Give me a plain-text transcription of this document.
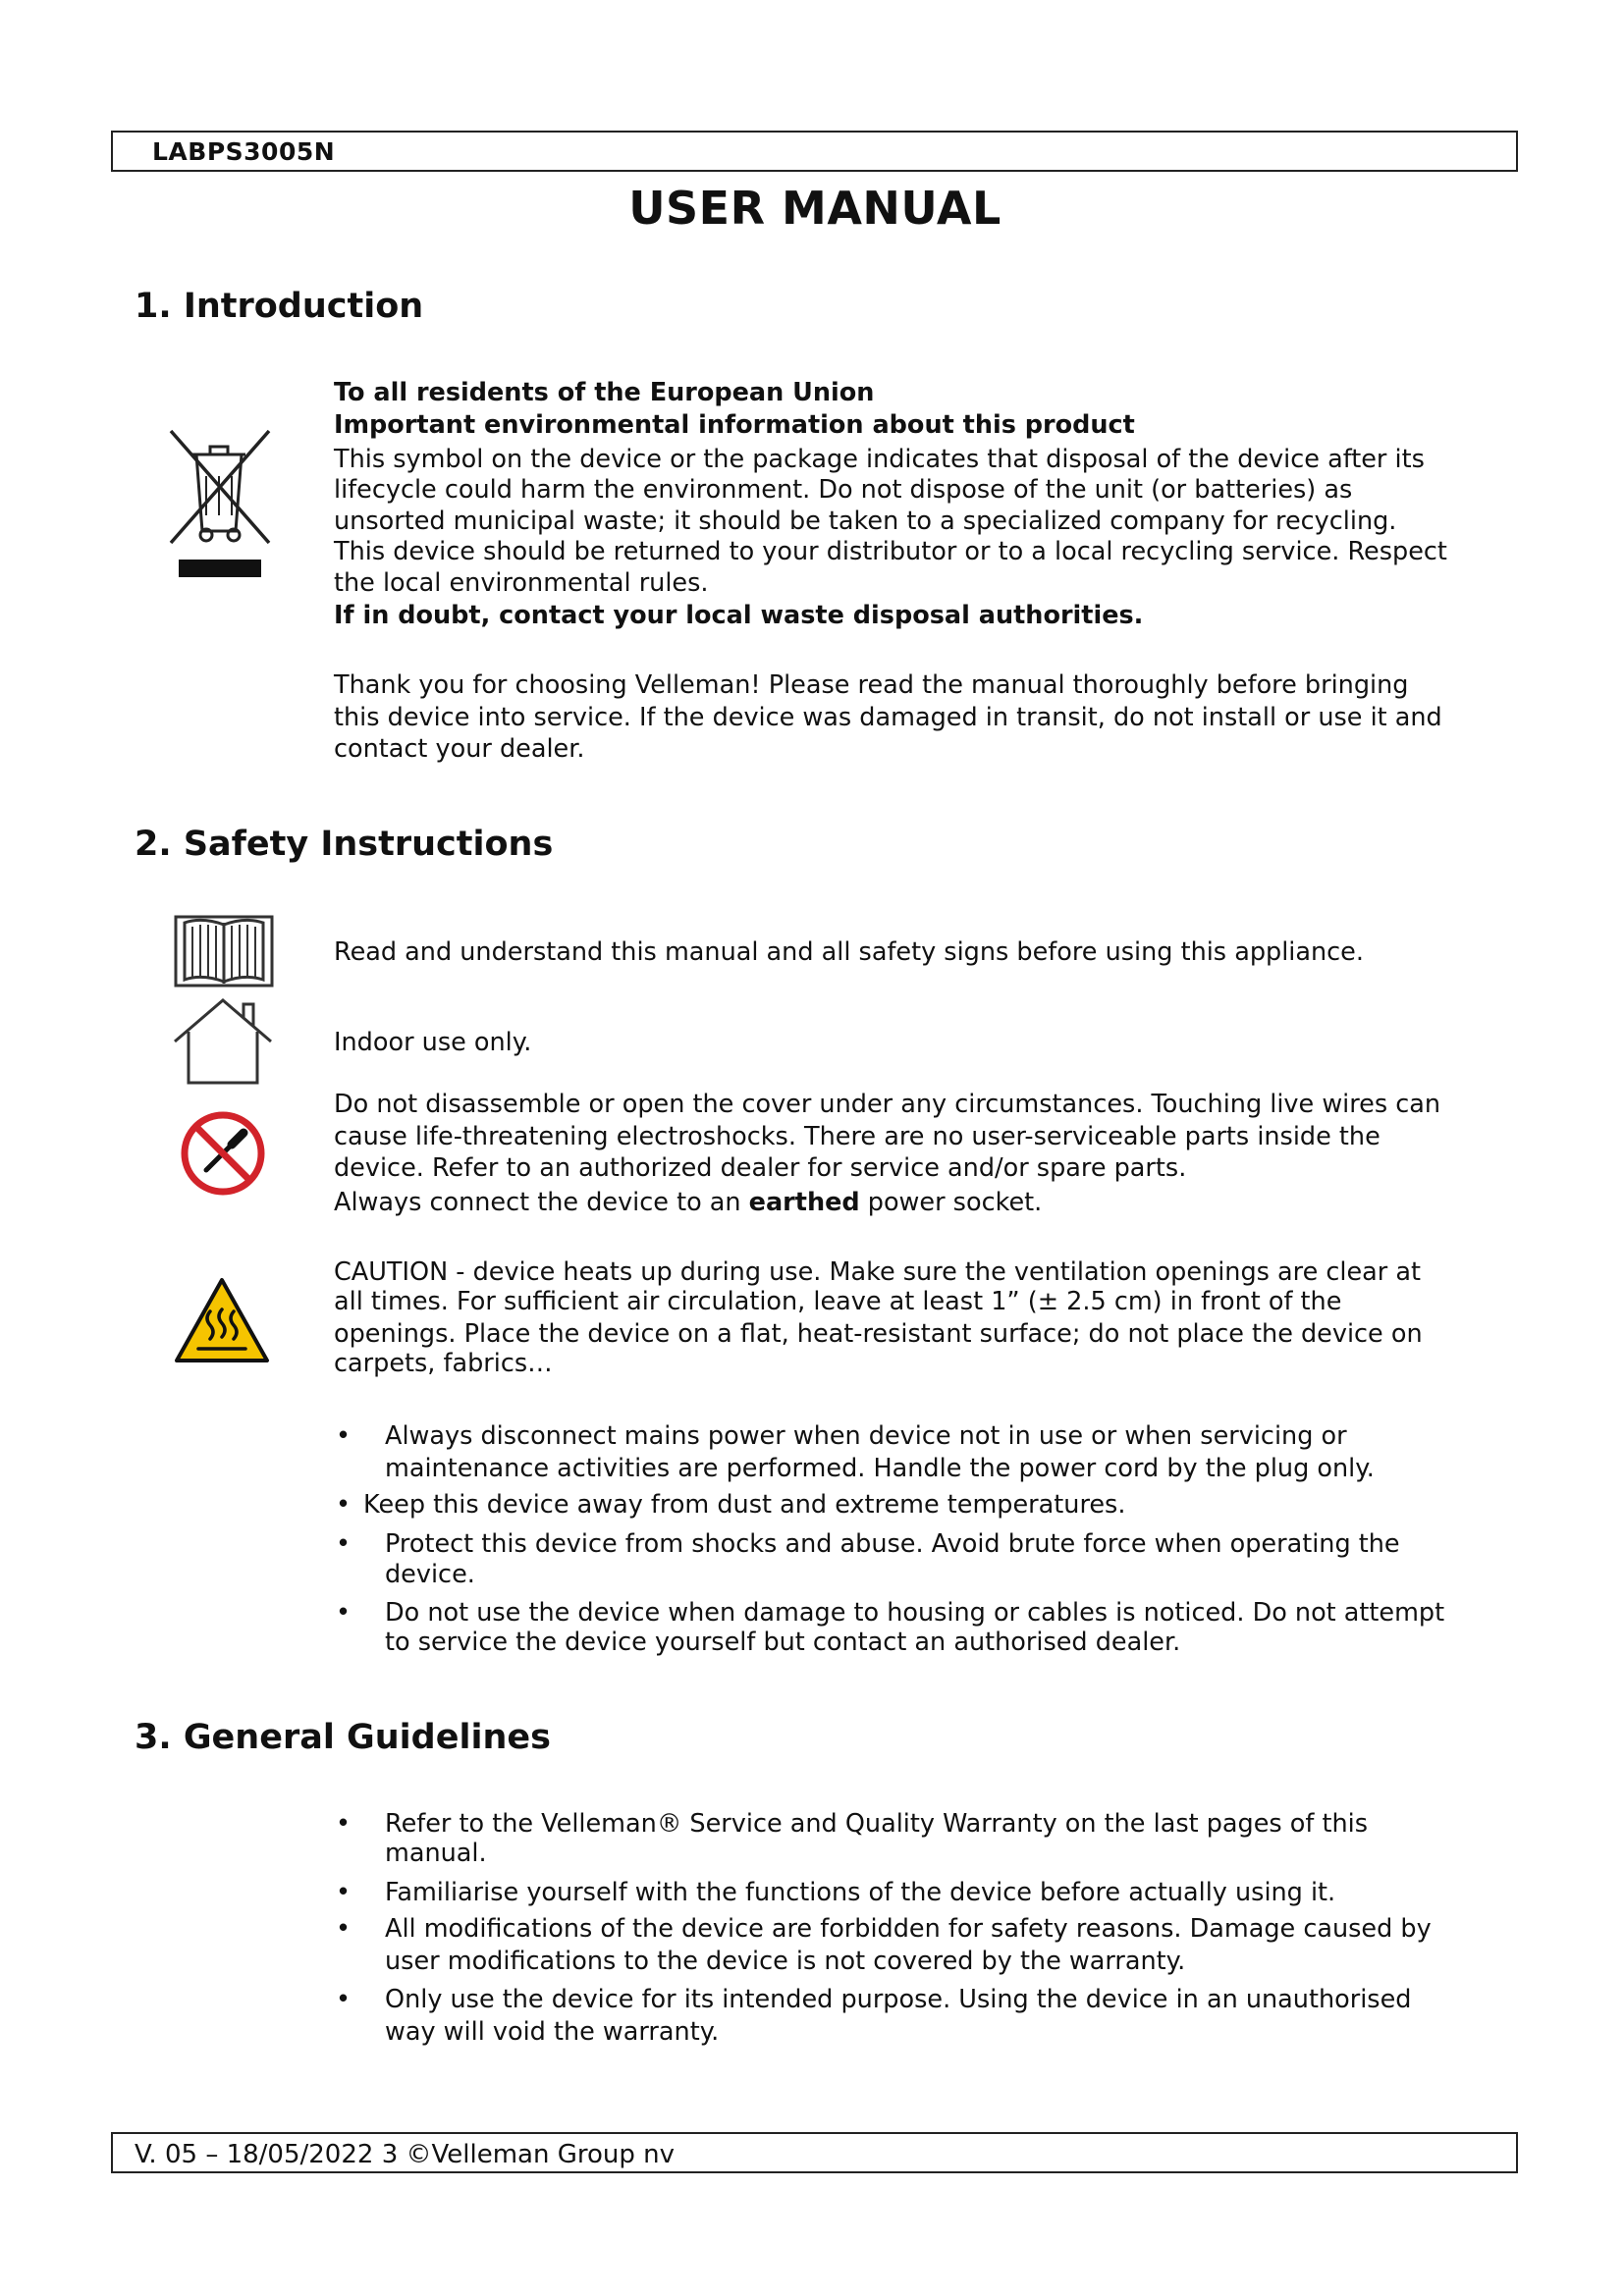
LABPS3005N
USER MANUAL
1. Introduction
To all residents of the European Union
Important environmental information about this product
This symbol on the device or the package indicates that disposal of the device after its
lifecycle could harm the environment. Do not dispose of the unit (or batteries) as
unsorted municipal waste; it should be taken to a specialized company for recycling.
This device should be returned to your distributor or to a local recycling service. Respect
the local environmental rules.
If in doubt, contact your local waste disposal authorities.
Thank you for choosing Velleman! Please read the manual thoroughly before bringing
this device into service. If the device was damaged in transit, do not install or use it and
contact your dealer.
2. Safety Instructions
Read and understand this manual and all safety signs before using this appliance.
Indoor use only.
Do not disassemble or open the cover under any circumstances. Touching live wires can
cause life-threatening electroshocks. There are no user-serviceable parts inside the
device. Refer to an authorized dealer for service and/or spare parts.
Always connect the device to an earthed power socket.
CAUTION - device heats up during use. Make sure the ventilation openings are clear at
all times. For sufficient air circulation, leave at least 1” (± 2.5 cm) in front of the
openings. Place the device on a flat, heat-resistant surface; do not place the device on
carpets, fabrics…
• Always disconnect mains power when device not in use or when servicing or
maintenance activities are performed. Handle the power cord by the plug only.
• Keep this device away from dust and extreme temperatures.
• Protect this device from shocks and abuse. Avoid brute force when operating the
device.
• Do not use the device when damage to housing or cables is noticed. Do not attempt
to service the device yourself but contact an authorised dealer.
3. General Guidelines
• Refer to the Velleman® Service and Quality Warranty on the last pages of this
manual.
• Familiarise yourself with the functions of the device before actually using it.
• All modifications of the device are forbidden for safety reasons. Damage caused by
user modifications to the device is not covered by the warranty.
• Only use the device for its intended purpose. Using the device in an unauthorised
way will void the warranty.
V. 05 – 18/05/2022 3 ©Velleman Group nv
